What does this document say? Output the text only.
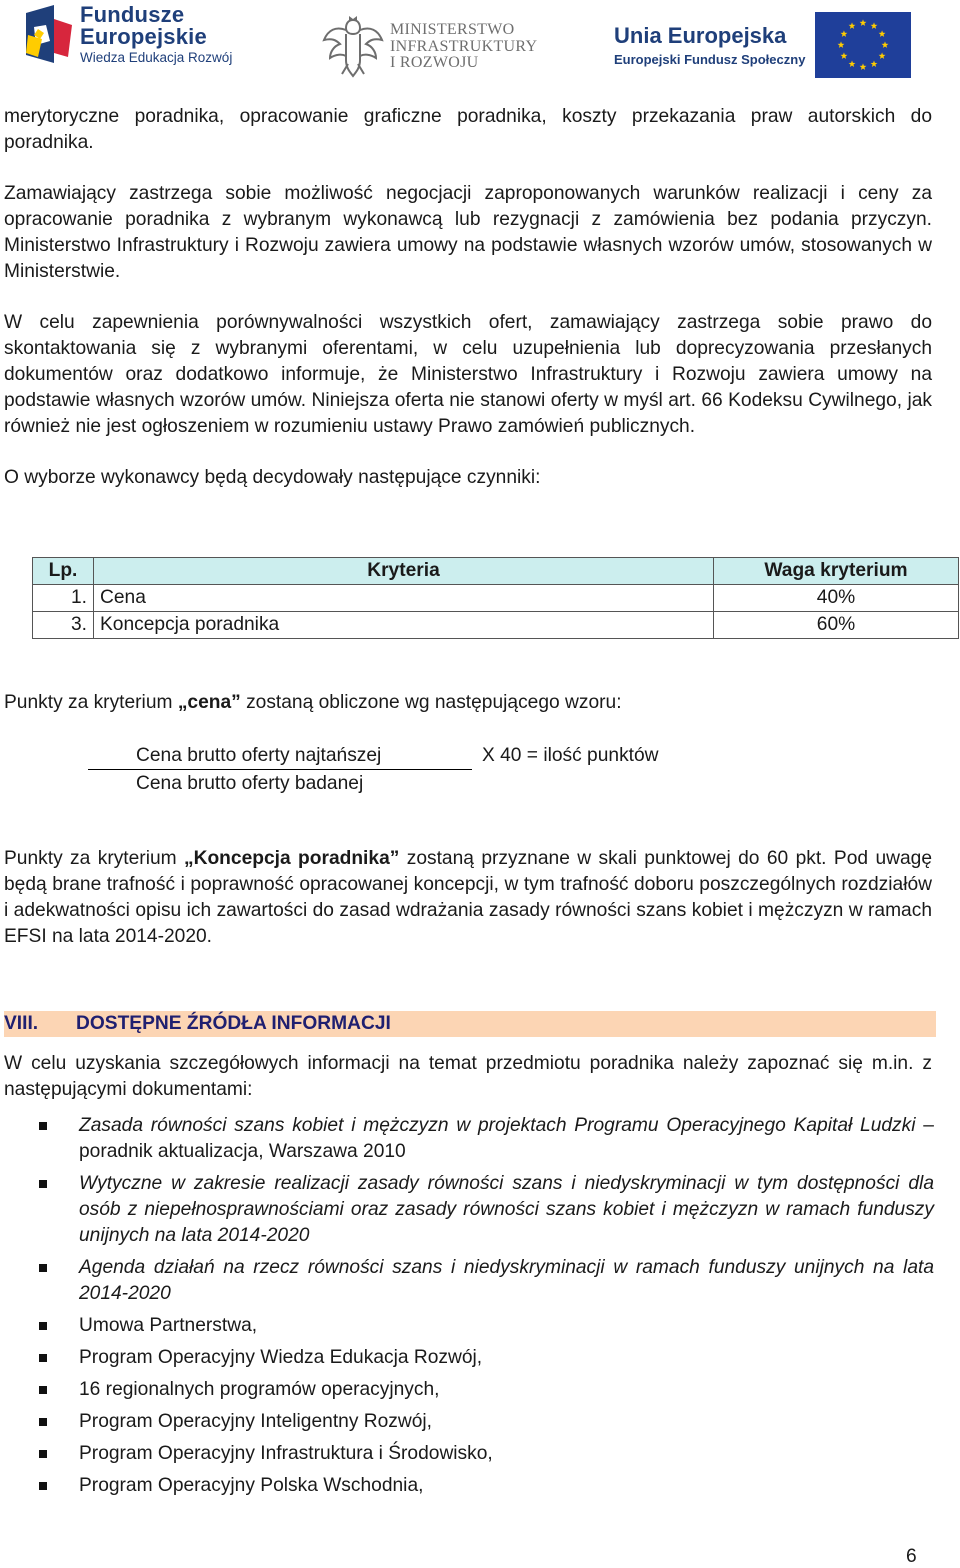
Fundusze
Europejskie
Wiedza Edukacja Rozwój
MINISTERSTWO
INFRASTRUKTURY
I ROZWOJU
Unia Europejska
Europejski Fundusz Społeczny

merytoryczne poradnika, opracowanie graficzne poradnika, koszty przekazania praw autorskich do poradnika.

Zamawiający zastrzega sobie możliwość negocjacji zaproponowanych warunków realizacji i ceny za opracowanie poradnika z wybranym wykonawcą lub rezygnacji z zamówienia bez podania przyczyn. Ministerstwo Infrastruktury i Rozwoju zawiera umowy na podstawie własnych wzorów umów, stosowanych w Ministerstwie.

W celu zapewnienia porównywalności wszystkich ofert, zamawiający zastrzega sobie prawo do skontaktowania się z wybranymi oferentami, w celu uzupełnienia lub doprecyzowania przesłanych dokumentów oraz dodatkowo informuje, że Ministerstwo Infrastruktury i Rozwoju zawiera umowy na podstawie własnych wzorów umów. Niniejsza oferta nie stanowi oferty w myśl art. 66 Kodeksu Cywilnego, jak również nie jest ogłoszeniem w rozumieniu ustawy Prawo zamówień publicznych.

O wyborze wykonawcy będą decydowały następujące czynniki:

Lp.	Kryteria	Waga kryterium
1.	Cena	40%
3.	Koncepcja poradnika	60%

Punkty za kryterium „cena” zostaną obliczone wg następującego wzoru:

Cena brutto oferty najtańszej	X 40 = ilość punktów
Cena brutto oferty badanej

Punkty za kryterium „Koncepcja poradnika” zostaną przyznane w skali punktowej do 60 pkt. Pod uwagę będą brane trafność i poprawność opracowanej koncepcji, w tym trafność doboru poszczególnych rozdziałów i adekwatności opisu ich zawartości do zasad wdrażania zasady równości szans kobiet i mężczyzn w ramach EFSI na lata 2014-2020.

VIII. DOSTĘPNE ŹRÓDŁA INFORMACJI

W celu uzyskania szczegółowych informacji na temat przedmiotu poradnika należy zapoznać się m.in. z następującymi dokumentami:

Zasada równości szans kobiet i mężczyzn w projektach Programu Operacyjnego Kapitał Ludzki – poradnik aktualizacja, Warszawa 2010
Wytyczne w zakresie realizacji zasady równości szans i niedyskryminacji w tym dostępności dla osób z niepełnosprawnościami oraz zasady równości szans kobiet i mężczyzn w ramach funduszy unijnych na lata 2014-2020
Agenda działań na rzecz równości szans i niedyskryminacji w ramach funduszy unijnych na lata 2014-2020
Umowa Partnerstwa,
Program Operacyjny Wiedza Edukacja Rozwój,
16 regionalnych programów operacyjnych,
Program Operacyjny Inteligentny Rozwój,
Program Operacyjny Infrastruktura i Środowisko,
Program Operacyjny Polska Wschodnia,
6
